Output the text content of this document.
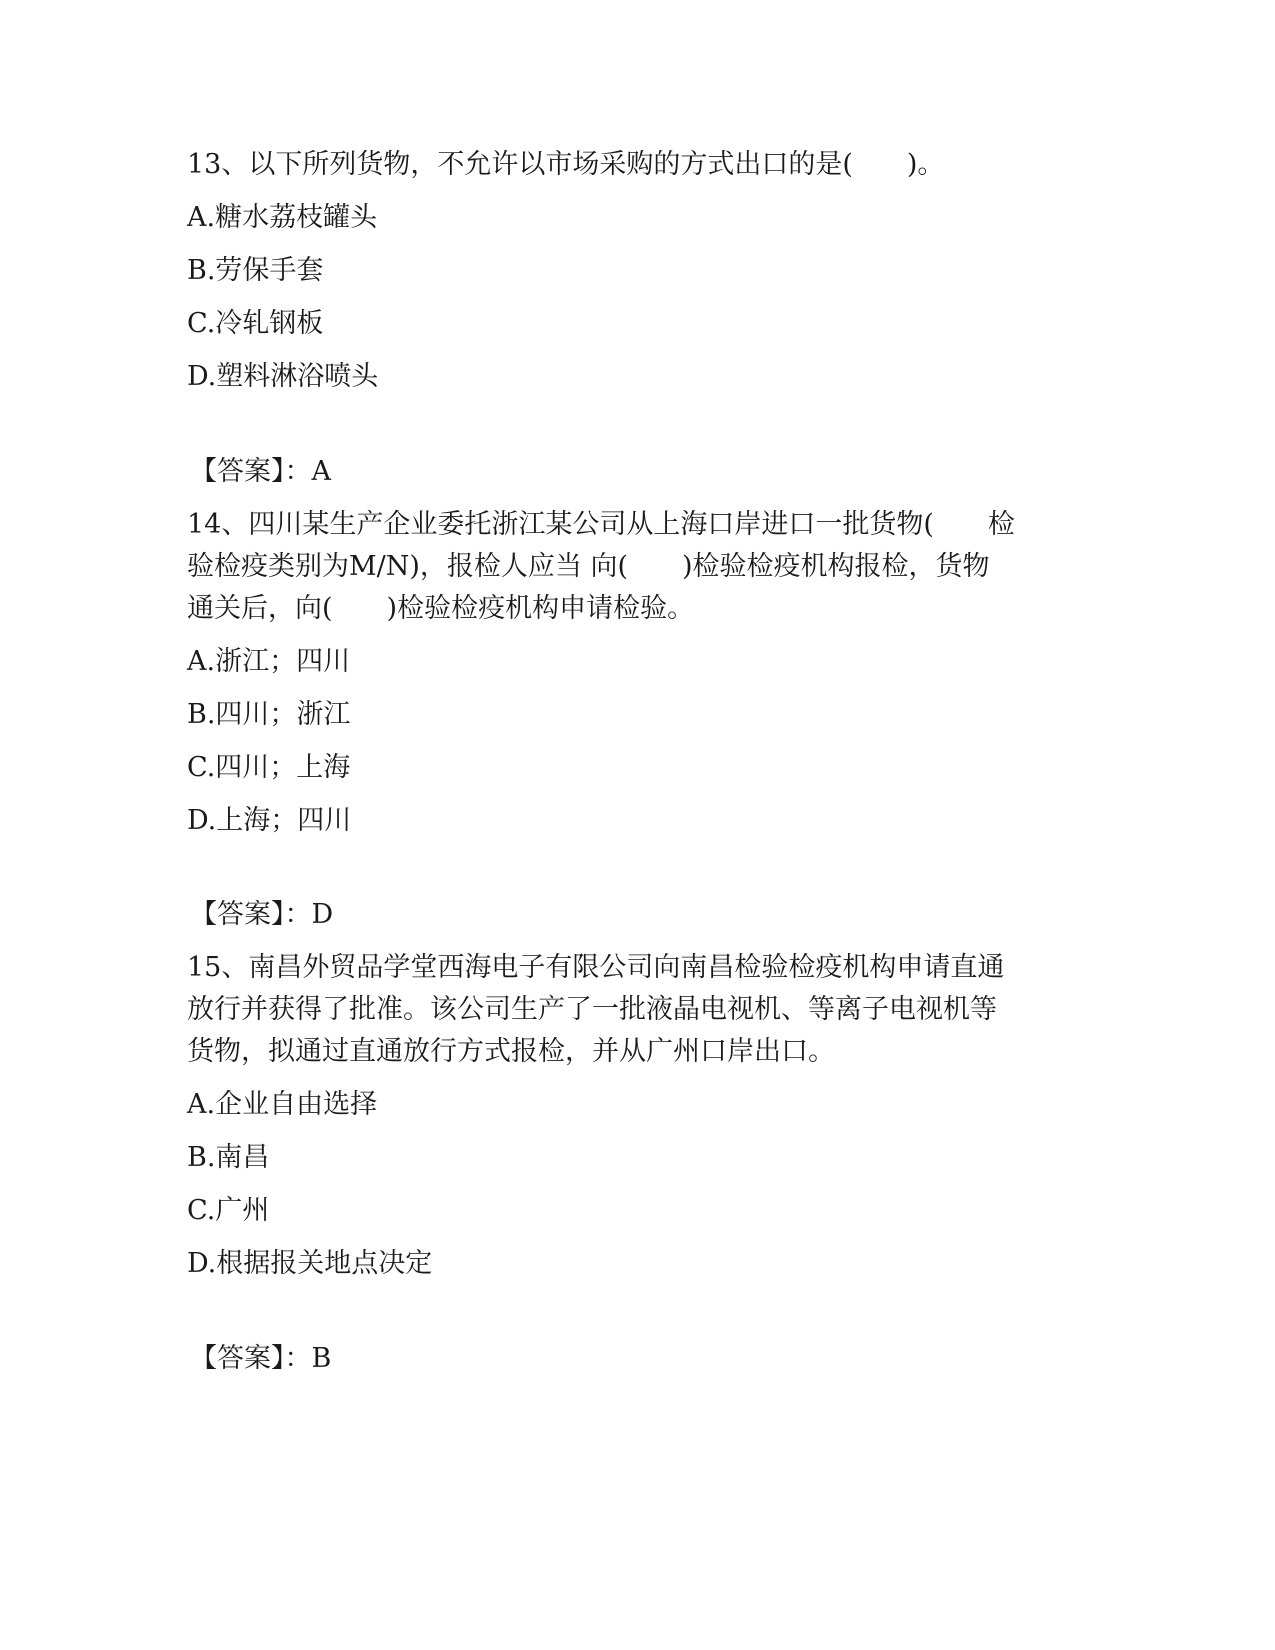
13、以下所列货物，不允许以市场采购的方式出口的是(　　)。

A.糖水荔枝罐头

B.劳保手套

C.冷轧钢板

D.塑料淋浴喷头

【答案】：A

14、四川某生产企业委托浙江某公司从上海口岸进口一批货物(　　检

验检疫类别为M/N)，报检人应当 向(　　)检验检疫机构报检，货物

通关后，向(　　)检验检疫机构申请检验。

A.浙江；四川

B.四川；浙江

C.四川；上海

D.上海；四川

【答案】：D

15、南昌外贸品学堂西海电子有限公司向南昌检验检疫机构申请直通

放行并获得了批准。该公司生产了一批液晶电视机、等离子电视机等

货物，拟通过直通放行方式报检，并从广州口岸出口。

A.企业自由选择

B.南昌

C.广州

D.根据报关地点决定

【答案】：B
